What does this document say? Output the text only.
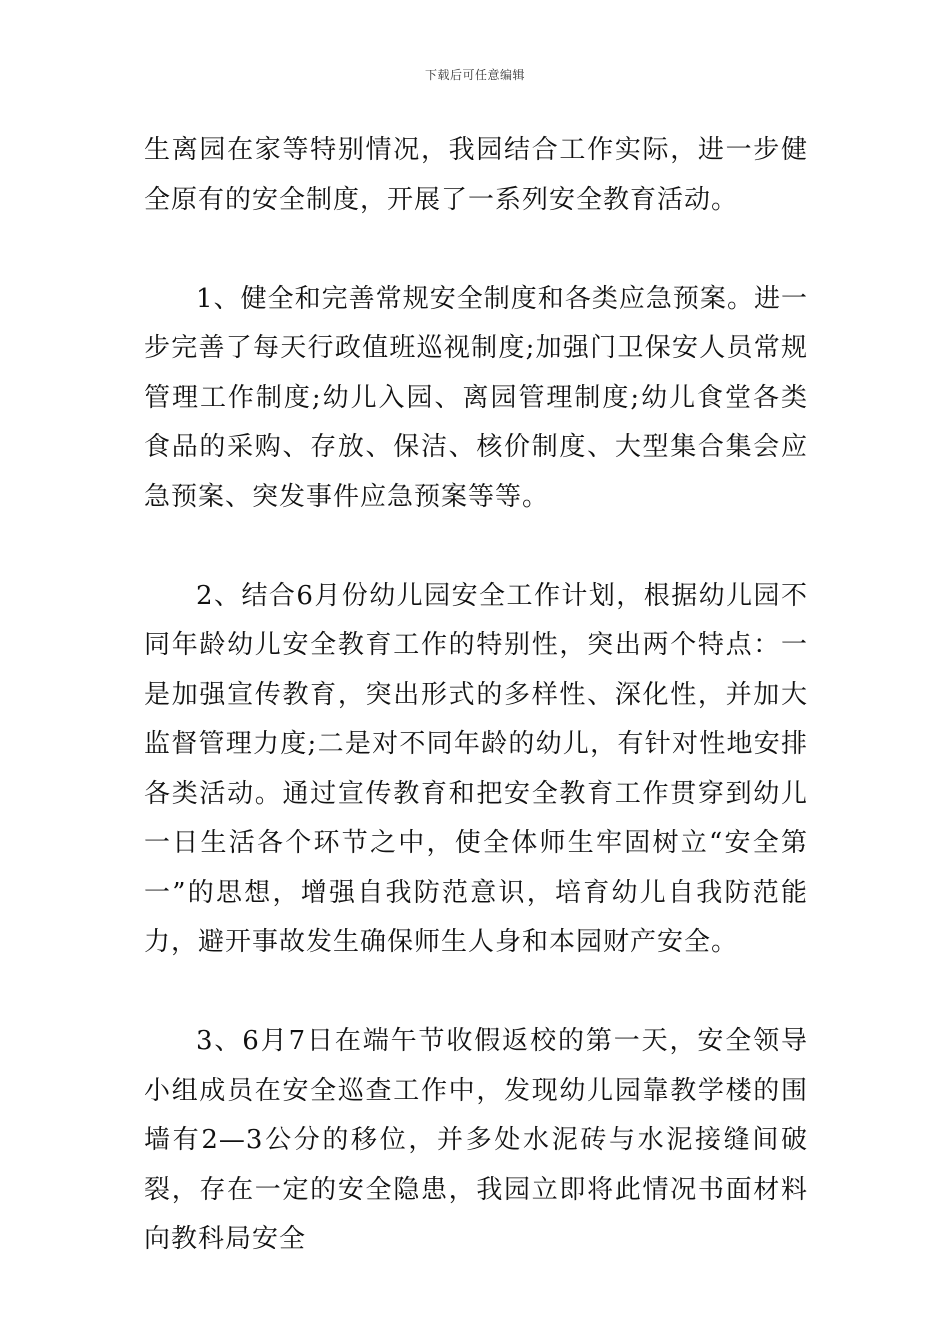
下载后可任意编辑

生离园在家等特别情况，我园结合工作实际，进一步健全原有的安全制度，开展了一系列安全教育活动。

1、健全和完善常规安全制度和各类应急预案。进一步完善了每天行政值班巡视制度;加强门卫保安人员常规管理工作制度;幼儿入园、离园管理制度;幼儿食堂各类食品的采购、存放、保洁、核价制度、大型集合集会应急预案、突发事件应急预案等等。

2、结合6月份幼儿园安全工作计划，根据幼儿园不同年龄幼儿安全教育工作的特别性，突出两个特点：一是加强宣传教育，突出形式的多样性、深化性，并加大监督管理力度;二是对不同年龄的幼儿，有针对性地安排各类活动。通过宣传教育和把安全教育工作贯穿到幼儿一日生活各个环节之中，使全体师生牢固树立“安全第一”的思想，增强自我防范意识，培育幼儿自我防范能力，避开事故发生确保师生人身和本园财产安全。

3、6月7日在端午节收假返校的第一天，安全领导小组成员在安全巡查工作中，发现幼儿园靠教学楼的围墙有2—3公分的移位，并多处水泥砖与水泥接缝间破裂，存在一定的安全隐患，我园立即将此情况书面材料向教科局安全
